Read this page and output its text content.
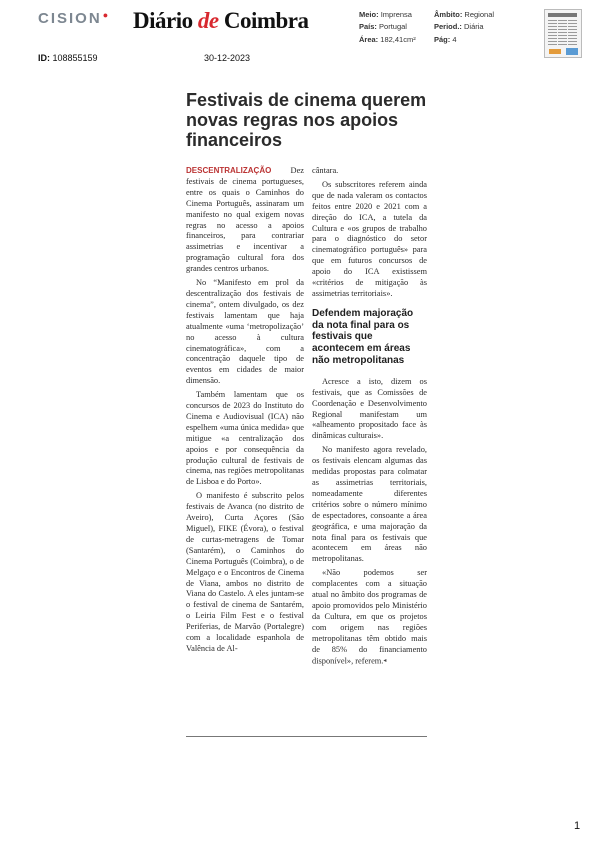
CISION● Diário de Coimbra	Meio: Imprensa
País: Portugal
Área: 182,41cm²
Âmbito: Regional
Period.: Diária
Pág: 4
ID: 108855159	30-12-2023
Festivais de cinema querem novas regras nos apoios financeiros

DESCENTRALIZAÇÃO Dez festivais de cinema portugueses, entre os quais o Caminhos do Cinema Português, assinaram um manifesto no qual exigem novas regras no acesso a apoios financeiros, para contrariar assimetrias e incentivar a programação cultural fora dos grandes centros urbanos.

No “Manifesto em prol da descentralização dos festivais de cinema”, ontem divulgado, os dez festivais lamentam que haja atualmente «uma ‘metropolização’ no acesso à cultura cinematográfica», com a concentração daquele tipo de eventos em cidades de maior dimensão.

Também lamentam que os concursos de 2023 do Instituto do Cinema e Audiovisual (ICA) não espelhem «uma única medida» que mitigue «a centralização dos apoios e por consequência da produção cultural de festivais de cinema, nas regiões metropolitanas de Lisboa e do Porto».

O manifesto é subscrito pelos festivais de Avanca (no distrito de Aveiro), Curta Açores (São Miguel), FIKE (Évora), o festival de curtas-metragens de Tomar (Santarém), o Caminhos do Cinema Português (Coimbra), o de Melgaço e o Encontros de Cinema de Viana, ambos no distrito de Viana do Castelo. A eles juntam-se o festival de cinema de Santarém, o Leiria Film Fest e o festival Periferias, de Marvão (Portalegre) com a localidade espanhola de Valência de Al-

cântara.

Os subscritores referem ainda que de nada valeram os contactos feitos entre 2020 e 2021 com a direção do ICA, a tutela da Cultura e «os grupos de trabalho para o diagnóstico do setor cinematográfico português» para que em futuros concursos de apoio do ICA existissem «critérios de mitigação às assimetrias territoriais».

Defendem majoração da nota final para os festivais que acontecem em áreas não metropolitanas

Acresce a isto, dizem os festivais, que as Comissões de Coordenação e Desenvolvimento Regional manifestam um «alheamento propositado face às dinâmicas culturais».

No manifesto agora revelado, os festivais elencam algumas das medidas propostas para colmatar as assimetrias territoriais, nomeadamente diferentes critérios sobre o número mínimo de espectadores, consoante a área geográfica, e uma majoração da nota final para os festivais que acontecem em áreas não metropolitanas.

«Não podemos ser complacentes com a situação atual no âmbito dos programas de apoio promovidos pelo Ministério da Cultura, em que os projetos com origem nas regiões metropolitanas têm obtido mais de 85% do financiamento disponível», referem.◂

1
